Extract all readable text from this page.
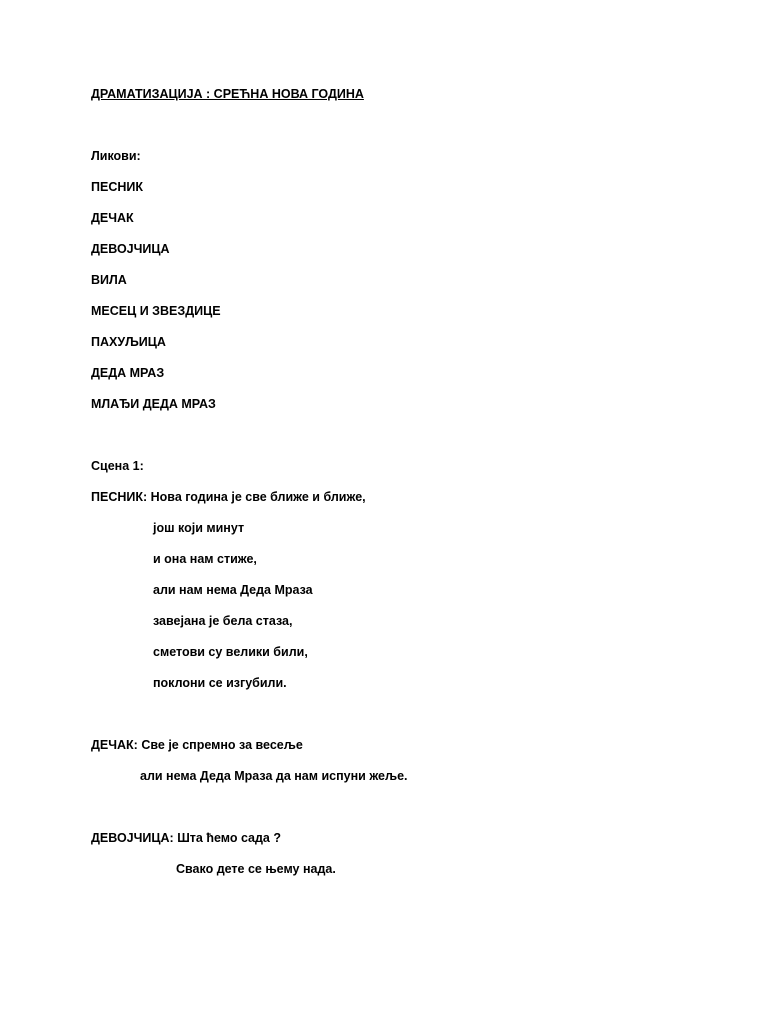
ДРАМАТИЗАЦИЈА : СРЕЋНА НОВА ГОДИНА
Ликови:
ПЕСНИК
ДЕЧАК
ДЕВОЈЧИЦА
ВИЛА
МЕСЕЦ И ЗВЕЗДИЦЕ
ПАХУЉИЦА
ДЕДА МРАЗ
МЛАЂИ ДЕДА МРАЗ
Сцена 1:
ПЕСНИК: Нова година је све ближе и ближе,
још који минут
и она нам стиже,
али нам нема Деда Мраза
завејана је бела стаза,
сметови су велики били,
поклони се изгубили.
ДЕЧАК: Све је спремно за весеље
али нема Деда Мраза да нам испуни жеље.
ДЕВОЈЧИЦА: Шта ћемо сада ?
Свако дете се њему нада.
